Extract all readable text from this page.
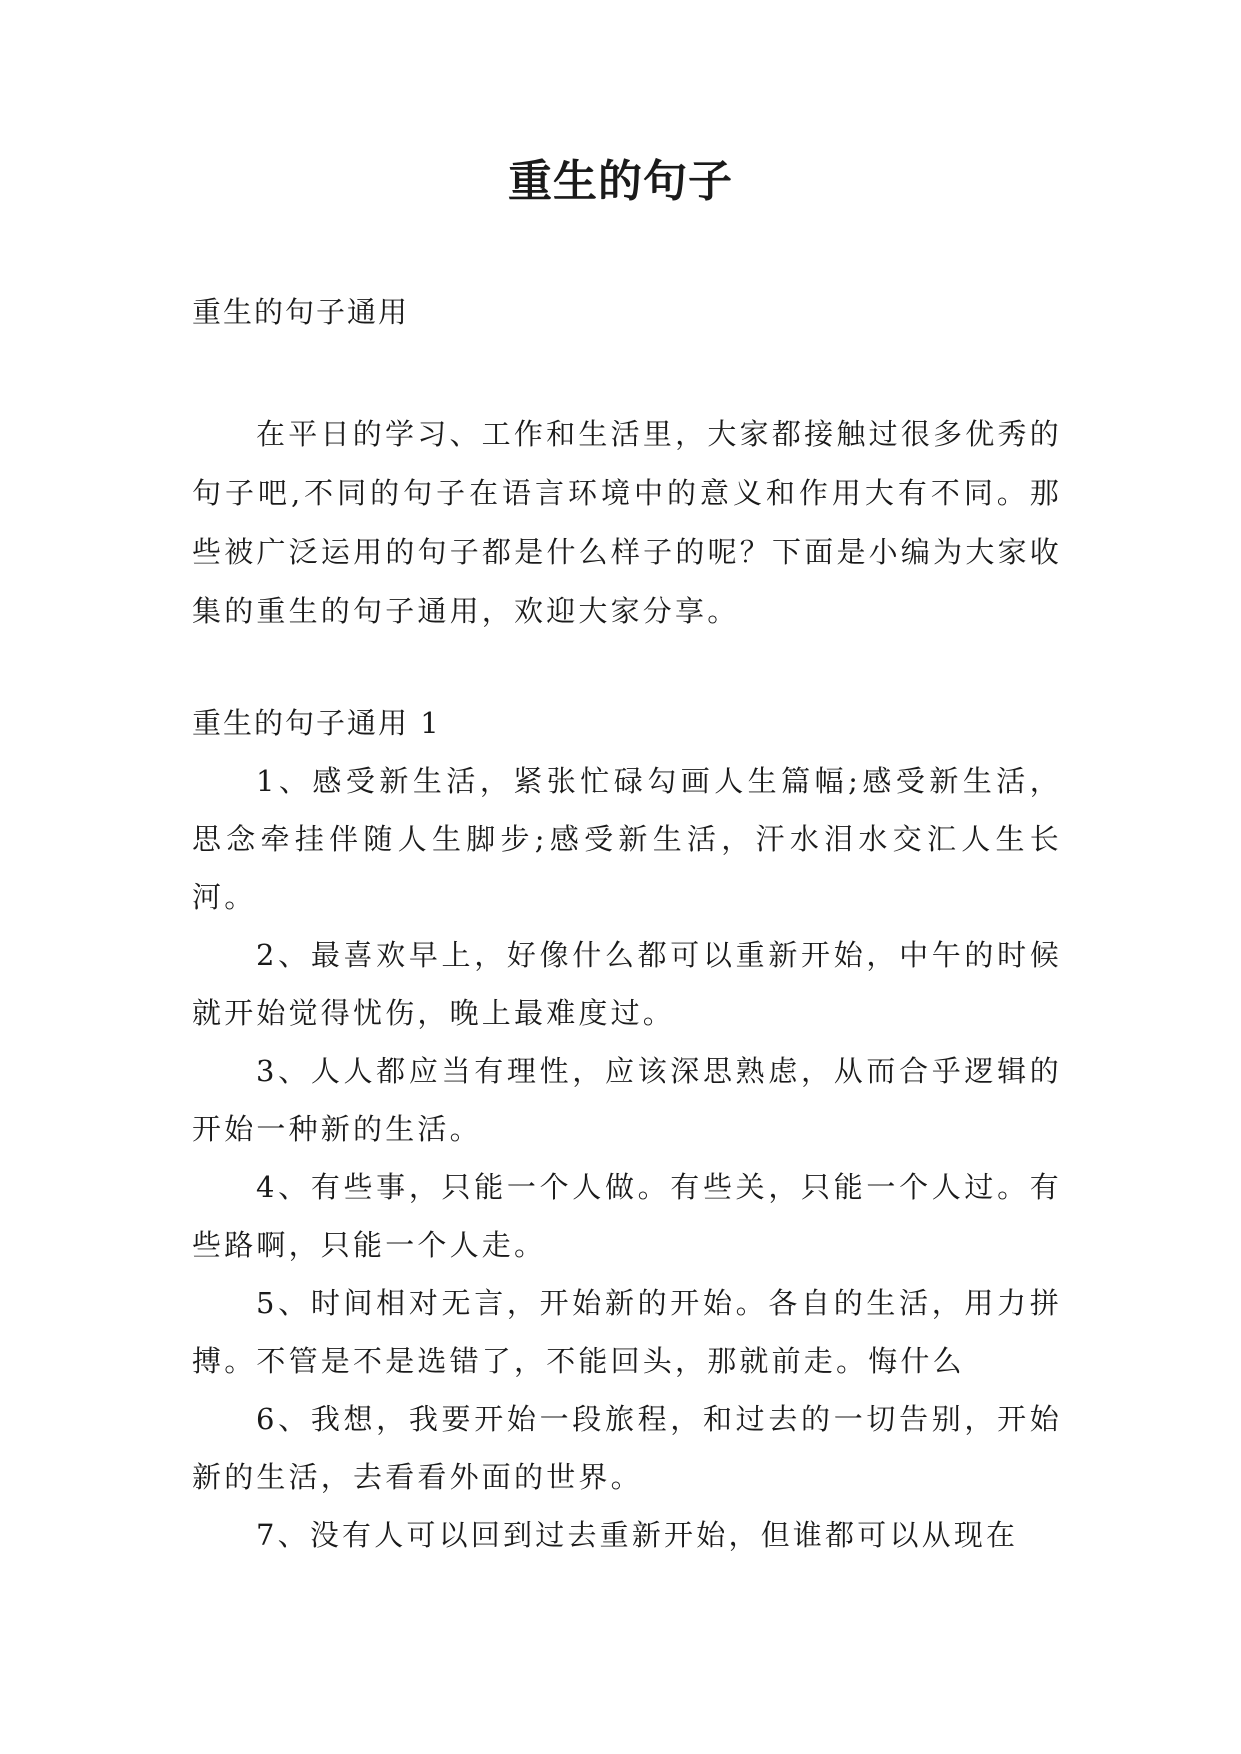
重生的句子
重生的句子通用

在平日的学习、工作和生活里，大家都接触过很多优秀的句子吧,不同的句子在语言环境中的意义和作用大有不同。那些被广泛运用的句子都是什么样子的呢？下面是小编为大家收集的重生的句子通用，欢迎大家分享。

重生的句子通用 1

1、感受新生活，紧张忙碌勾画人生篇幅;感受新生活，思念牵挂伴随人生脚步;感受新生活，汗水泪水交汇人生长河。

2、最喜欢早上，好像什么都可以重新开始，中午的时候就开始觉得忧伤，晚上最难度过。

3、人人都应当有理性，应该深思熟虑，从而合乎逻辑的开始一种新的生活。

4、有些事，只能一个人做。有些关，只能一个人过。有些路啊，只能一个人走。

5、时间相对无言，开始新的开始。各自的生活，用力拼搏。不管是不是选错了，不能回头，那就前走。悔什么

6、我想，我要开始一段旅程，和过去的一切告别，开始新的生活，去看看外面的世界。

7、没有人可以回到过去重新开始，但谁都可以从现在
